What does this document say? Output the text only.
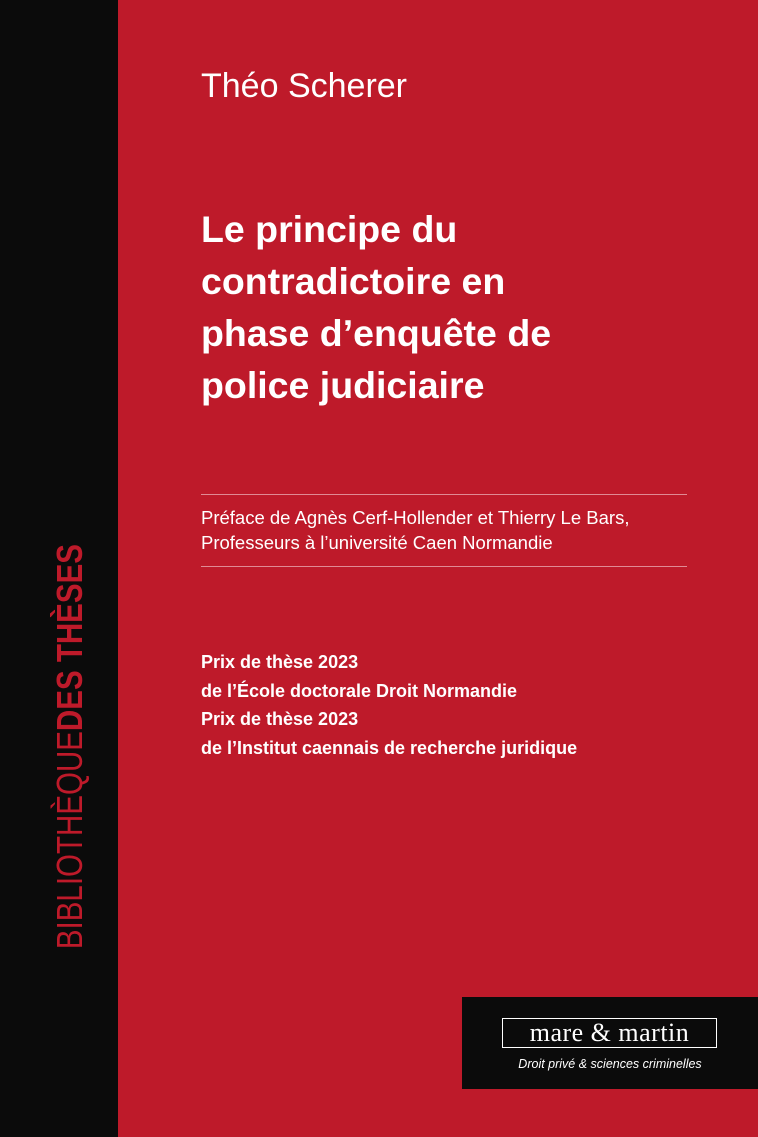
BIBLIOTHÈQUEDES THÈSES
Théo Scherer
Le principe du
contradictoire en
phase d’enquête de
police judiciaire
Préface de Agnès Cerf-Hollender et Thierry Le Bars,
Professeurs à l’université Caen Normandie
Prix de thèse 2023
de l’École doctorale Droit Normandie
Prix de thèse 2023
de l’Institut caennais de recherche juridique
mare & martin
Droit privé & sciences criminelles
